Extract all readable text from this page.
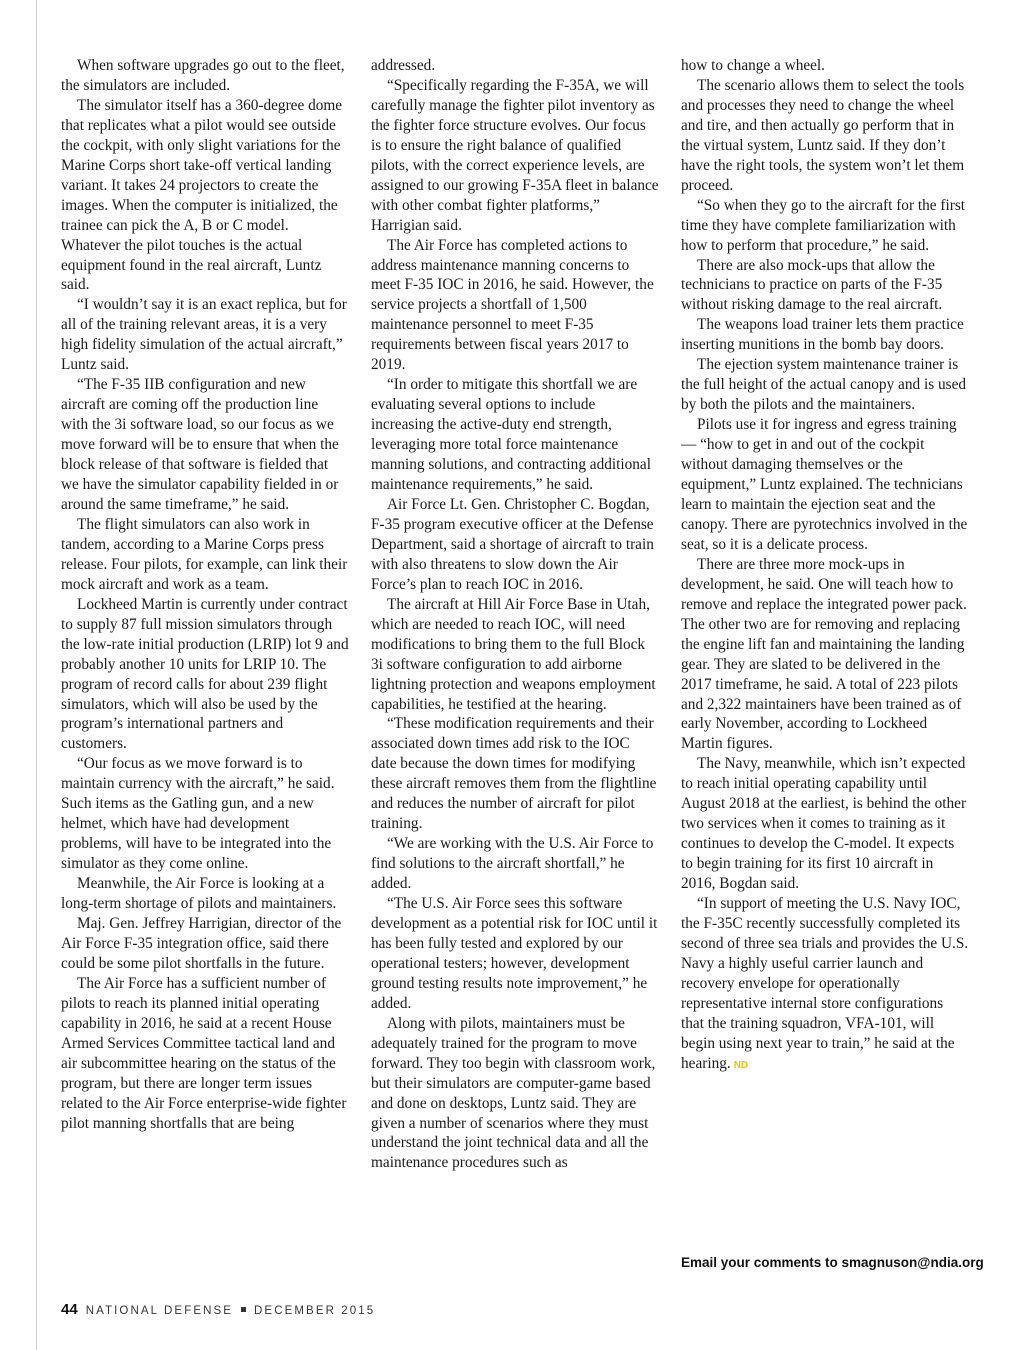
When software upgrades go out to the fleet, the simulators are included.

The simulator itself has a 360-degree dome that replicates what a pilot would see outside the cockpit, with only slight variations for the Marine Corps short take-off vertical landing variant. It takes 24 projectors to create the images. When the computer is initialized, the trainee can pick the A, B or C model. Whatever the pilot touches is the actual equipment found in the real aircraft, Luntz said.

“I wouldn’t say it is an exact replica, but for all of the training relevant areas, it is a very high fidelity simulation of the actual aircraft,” Luntz said.

“The F-35 IIB configuration and new aircraft are coming off the production line with the 3i software load, so our focus as we move forward will be to ensure that when the block release of that software is fielded that we have the simulator capability fielded in or around the same timeframe,” he said.

The flight simulators can also work in tandem, according to a Marine Corps press release. Four pilots, for example, can link their mock aircraft and work as a team.

Lockheed Martin is currently under contract to supply 87 full mission simulators through the low-rate initial production (LRIP) lot 9 and probably another 10 units for LRIP 10. The program of record calls for about 239 flight simulators, which will also be used by the program’s international partners and customers.

“Our focus as we move forward is to maintain currency with the aircraft,” he said. Such items as the Gatling gun, and a new helmet, which have had development problems, will have to be integrated into the simulator as they come online.

Meanwhile, the Air Force is looking at a long-term shortage of pilots and maintainers.

Maj. Gen. Jeffrey Harrigian, director of the Air Force F-35 integration office, said there could be some pilot shortfalls in the future.

The Air Force has a sufficient number of pilots to reach its planned initial operating capability in 2016, he said at a recent House Armed Services Committee tactical land and air subcommittee hearing on the status of the program, but there are longer term issues related to the Air Force enterprise-wide fighter pilot manning shortfalls that are being

addressed.

“Specifically regarding the F-35A, we will carefully manage the fighter pilot inventory as the fighter force structure evolves. Our focus is to ensure the right balance of qualified pilots, with the correct experience levels, are assigned to our growing F-35A fleet in balance with other combat fighter platforms,” Harrigian said.

The Air Force has completed actions to address maintenance manning concerns to meet F-35 IOC in 2016, he said. However, the service projects a shortfall of 1,500 maintenance personnel to meet F-35 requirements between fiscal years 2017 to 2019.

“In order to mitigate this shortfall we are evaluating several options to include increasing the active-duty end strength, leveraging more total force maintenance manning solutions, and contracting additional maintenance requirements,” he said.

Air Force Lt. Gen. Christopher C. Bogdan, F-35 program executive officer at the Defense Department, said a shortage of aircraft to train with also threatens to slow down the Air Force’s plan to reach IOC in 2016.

The aircraft at Hill Air Force Base in Utah, which are needed to reach IOC, will need modifications to bring them to the full Block 3i software configuration to add airborne lightning protection and weapons employment capabilities, he testified at the hearing.

“These modification requirements and their associated down times add risk to the IOC date because the down times for modifying these aircraft removes them from the flightline and reduces the number of aircraft for pilot training.

“We are working with the U.S. Air Force to find solutions to the aircraft shortfall,” he added.

“The U.S. Air Force sees this software development as a potential risk for IOC until it has been fully tested and explored by our operational testers; however, development ground testing results note improvement,” he added.

Along with pilots, maintainers must be adequately trained for the program to move forward. They too begin with classroom work, but their simulators are computer-game based and done on desktops, Luntz said. They are given a number of scenarios where they must understand the joint technical data and all the maintenance procedures such as

how to change a wheel.

The scenario allows them to select the tools and processes they need to change the wheel and tire, and then actually go perform that in the virtual system, Luntz said. If they don’t have the right tools, the system won’t let them proceed.

“So when they go to the aircraft for the first time they have complete familiarization with how to perform that procedure,” he said.

There are also mock-ups that allow the technicians to practice on parts of the F-35 without risking damage to the real aircraft.

The weapons load trainer lets them practice inserting munitions in the bomb bay doors.

The ejection system maintenance trainer is the full height of the actual canopy and is used by both the pilots and the maintainers.

Pilots use it for ingress and egress training — “how to get in and out of the cockpit without damaging themselves or the equipment,” Luntz explained. The technicians learn to maintain the ejection seat and the canopy. There are pyrotechnics involved in the seat, so it is a delicate process.

There are three more mock-ups in development, he said. One will teach how to remove and replace the integrated power pack. The other two are for removing and replacing the engine lift fan and maintaining the landing gear. They are slated to be delivered in the 2017 timeframe, he said. A total of 223 pilots and 2,322 maintainers have been trained as of early November, according to Lockheed Martin figures.

The Navy, meanwhile, which isn’t expected to reach initial operating capability until August 2018 at the earliest, is behind the other two services when it comes to training as it continues to develop the C-model. It expects to begin training for its first 10 aircraft in 2016, Bogdan said.

“In support of meeting the U.S. Navy IOC, the F-35C recently successfully completed its second of three sea trials and provides the U.S. Navy a highly useful carrier launch and recovery envelope for operationally representative internal store configurations that the training squadron, VFA-101, will begin using next year to train,” he said at the hearing. ND

Email your comments to smagnuson@ndia.org
44 NATIONAL DEFENSE DECEMBER 2015
